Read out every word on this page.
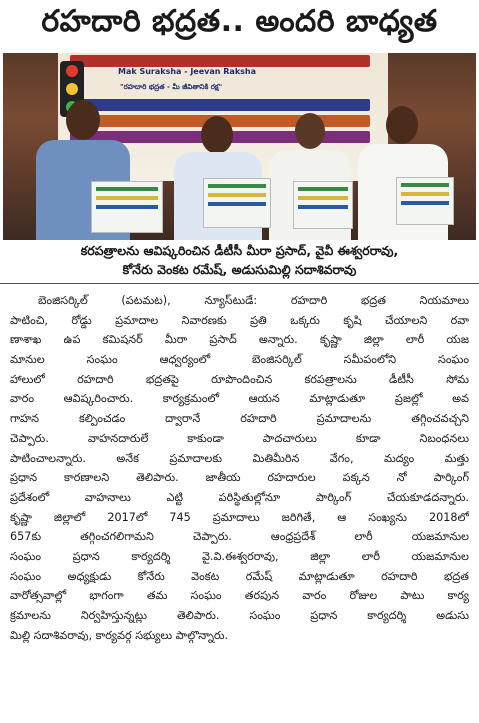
రహదారి భద్రత.. అందరి బాధ్యత
Mak Suraksha - Jeevan Raksha
"రహదారి భద్రత - మీ జీవితానికి రక్ష"
కరపత్రాలను ఆవిష్కరించిన డీటీసీ మీరా ప్రసాద్, వైవీ ఈశ్వరరావు,
కోనేరు వెంకట రమేష్, అడుసుమిల్లి సదాశివరావు
బెంజిసర్కిల్ (పటమట), న్యూస్‌టుడే: రహదారి భద్రత నియమాలు
పాటించి, రోడ్డు ప్రమాదాల నివారణకు ప్రతి ఒక్కరు కృషి చేయాలని రవా
ణాశాఖ ఉప కమిషనర్ మీరా ప్రసాద్ అన్నారు. కృష్ణా జిల్లా లారీ యజ
మానుల సంఘం ఆధ్వర్యంలో బెంజిసర్కిల్ సమీపంలోని సంఘం
హాలులో రహదారి భద్రతపై రూపొందించిన కరపత్రాలను డీటీసీ సోమ
వారం ఆవిష్కరించారు. కార్యక్రమంలో ఆయన మాట్లాడుతూ ప్రజల్లో అవ
గాహన కల్పించడం ద్వారానే రహదారి ప్రమాదాలను తగ్గించవచ్చని
చెప్పారు. వాహనదారులే కాకుండా పాదచారులు కూడా నిబంధనలు
పాటించాలన్నారు. అనేక ప్రమాదాలకు మితిమీరిన వేగం, మద్యం మత్తు
ప్రధాన కారణాలని తెలిపారు. జాతీయ రహదారుల పక్కన నో పార్కింగ్
ప్రదేశంలో వాహనాలు ఎట్టి పరిస్థితుల్లోనూ పార్కింగ్ చేయకూడదన్నారు.
కృష్ణా జిల్లాలో 2017లో 745 ప్రమాదాలు జరిగితే, ఆ సంఖ్యను 2018లో
657కు తగ్గించగలిగామని చెప్పారు. ఆంధ్రప్రదేశ్ లారీ యజమానుల
సంఘం ప్రధాన కార్యదర్శి వై.వి.ఈశ్వరరావు, జిల్లా లారీ యజమానుల
సంఘం అధ్యక్షుడు కోనేరు వెంకట రమేష్ మాట్లాడుతూ రహదారి భద్రత
వారోత్సవాల్లో భాగంగా తమ సంఘం తరపున వారం రోజుల పాటు కార్య
క్రమాలను నిర్వహిస్తున్నట్లు తెలిపారు. సంఘం ప్రధాన కార్యదర్శి అడుసు
మిల్లి సదాశివరావు, కార్యవర్గ సభ్యులు పాల్గొన్నారు.
